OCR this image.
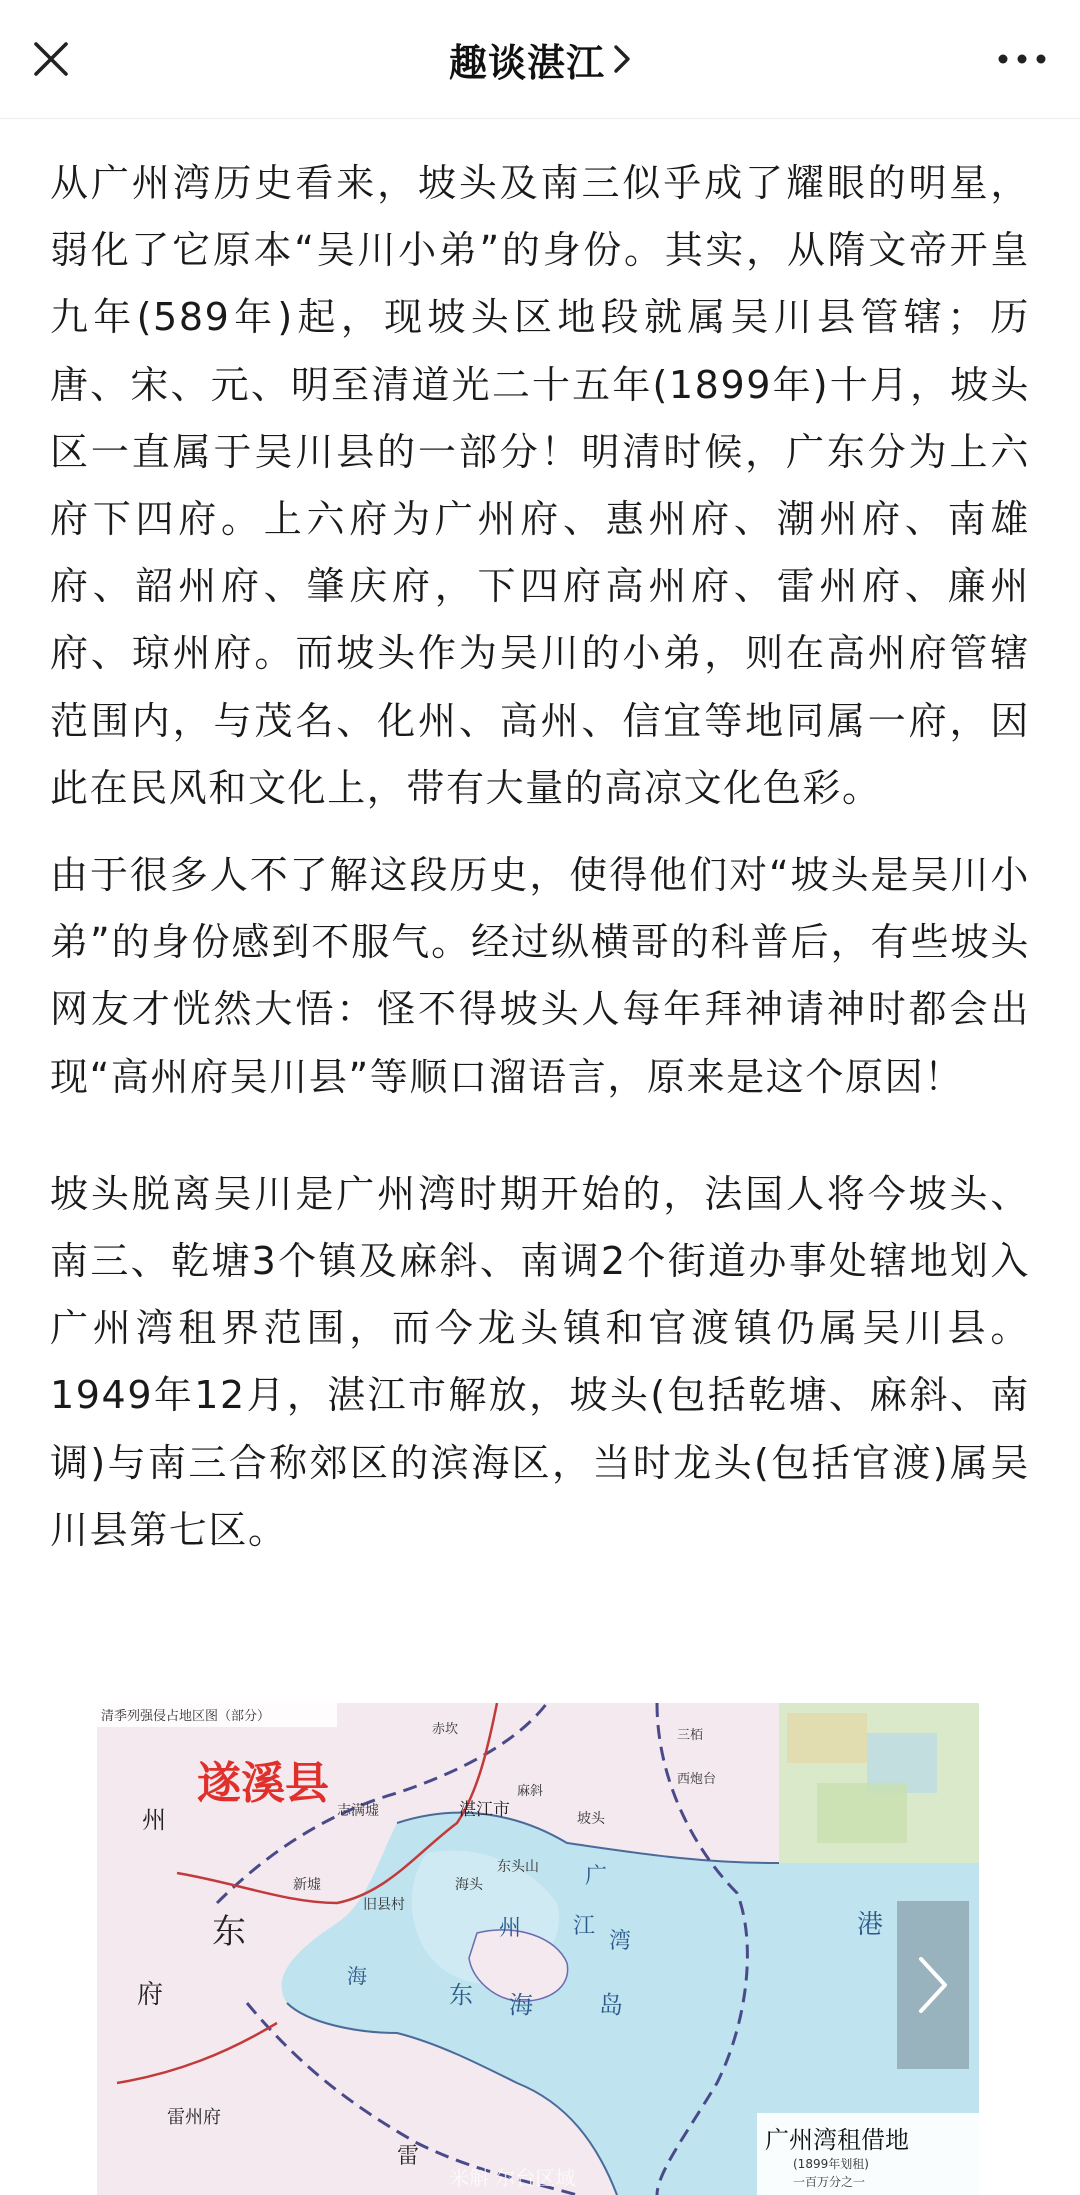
趣谈湛江

从广州湾历史看来，坡头及南三似乎成了耀眼的明星，弱化了它原本“吴川小弟”的身份。其实，从隋文帝开皇九年(589年)起，现坡头区地段就属吴川县管辖；历唐、宋、元、明至清道光二十五年(1899年)十月，坡头区一直属于吴川县的一部分！明清时候，广东分为上六府下四府。上六府为广州府、惠州府、潮州府、南雄府、韶州府、肇庆府，下四府高州府、雷州府、廉州府、琼州府。而坡头作为吴川的小弟，则在高州府管辖范围内，与茂名、化州、高州、信宜等地同属一府，因此在民风和文化上，带有大量的高凉文化色彩。

由于很多人不了解这段历史，使得他们对“坡头是吴川小弟”的身份感到不服气。经过纵横哥的科普后，有些坡头网友才恍然大悟：怪不得坡头人每年拜神请神时都会出现“高州府吴川县”等顺口溜语言，原来是这个原因！

坡头脱离吴川是广州湾时期开始的，法国人将今坡头、南三、乾塘3个镇及麻斜、南调2个街道办事处辖地划入广州湾租界范围，而今龙头镇和官渡镇仍属吴川县。1949年12月，湛江市解放，坡头(包括乾塘、麻斜、南调)与南三合称郊区的滨海区，当时龙头(包括官渡)属吴川县第七区。

清季列强侵占地区图（部分）
遂溪县
州
东
府
湛江市
新墟
旧县村
海头
志满墟
东头山
东 海	岛
广
江
湾
州
雷州府
海
雷
三栢
西炮台
赤坎
坡头
麻斜
港
广州湾租借地
(1899年划租)
一百万分之一
米斛 尔台区域
